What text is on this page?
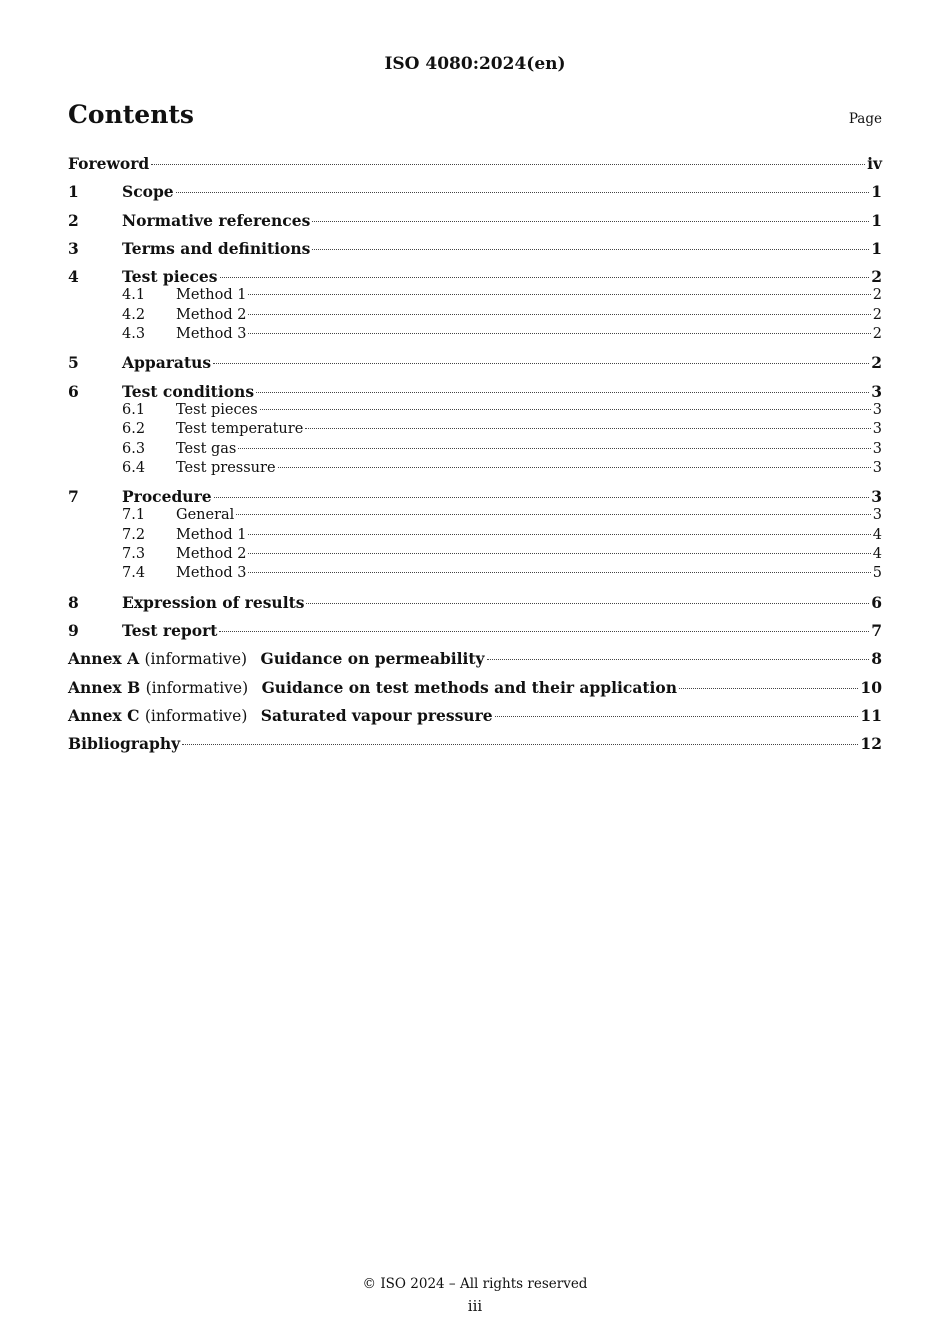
ISO 4080:2024(en)
Contents	Page
Foreword	iv
1	Scope	1
2	Normative references	1
3	Terms and definitions	1
4	Test pieces	2
4.1	Method 1	2
4.2	Method 2	2
4.3	Method 3	2
5	Apparatus	2
6	Test conditions	3
6.1	Test pieces	3
6.2	Test temperature	3
6.3	Test gas	3
6.4	Test pressure	3
7	Procedure	3
7.1	General	3
7.2	Method 1	4
7.3	Method 2	4
7.4	Method 3	5
8	Expression of results	6
9	Test report	7
Annex A (informative) Guidance on permeability	8
Annex B (informative) Guidance on test methods and their application	10
Annex C (informative) Saturated vapour pressure	11
Bibliography	12
© ISO 2024 – All rights reserved
iii
